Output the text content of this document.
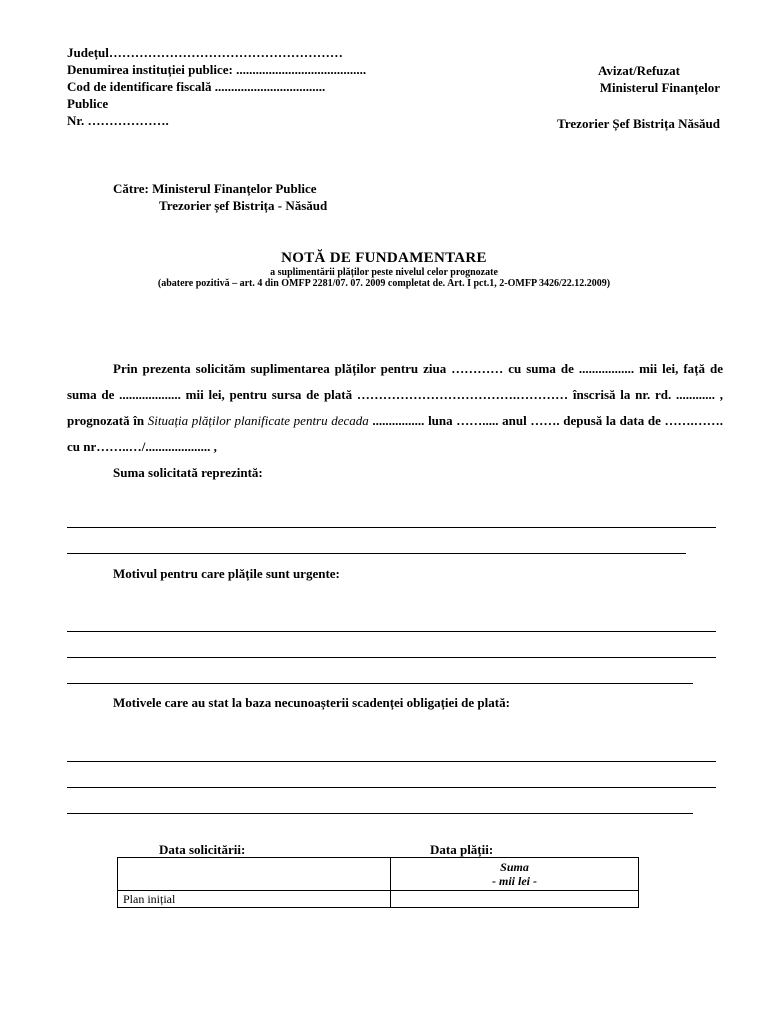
Județul………………………………………………
Denumirea instituției publice: ........................................
Cod de identificare fiscală ..................................
Publice
Nr. ……………….
Avizat/Refuzat
Ministerul Finanțelor
Trezorier Șef Bistrița Năsăud
Către: Ministerul Finanțelor Publice
Trezorier șef Bistrița - Năsăud
NOTĂ DE FUNDAMENTARE
a suplimentării plăților peste nivelul celor prognozate
(abatere pozitivă – art. 4 din OMFP 2281/07. 07. 2009 completat de. Art. I pct.1, 2-OMFP 3426/22.12.2009)

Prin prezenta solicităm suplimentarea plăților pentru ziua ………… cu suma de ................. mii lei, față de suma de ................... mii lei, pentru sursa de plată ……………………………….………… înscrisă la nr. rd. ............ , prognozată în Situația plăților planificate pentru decada ................ luna ……..... anul ……. depusă la data de …….……. cu nr……..…/.................... ,

Suma solicitată reprezintă:
Motivul pentru care plățile sunt urgente:
Motivele care au stat la baza necunoașterii scadenței obligației de plată:
Data solicitării:	Data plății:

	Suma
- mii lei -

Plan inițial	
